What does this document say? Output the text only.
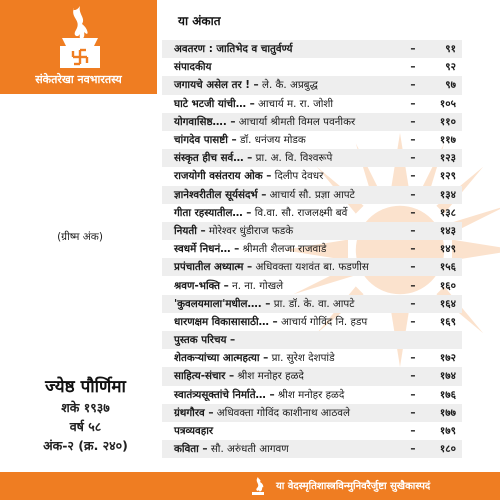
संकेतरेखा नवभारतस्य
(ग्रीष्म अंक)
ज्येष्ठ पौर्णिमा
शके १९३७
वर्ष ५८
अंक-२ (क्र. २४०)
या अंकात
अवतरण : जातिभेद व चातुर्वर्ण्य	–	९१
संपादकीय	–	९२
जगायचे असेल तर ! – ले. कै. अप्रबुद्ध	–	९७
घाटे भटजी यांची… – आचार्य म. रा. जोशी	–	१०५
योगवासिष्ठ…. – आचार्या श्रीमती विमल पवनीकर	–	११०
चांगदेव पासष्टी – डॉ. धनंजय मोडक	–	११७
संस्कृत हीच सर्व… – प्रा. अ. वि. विश्वरूपे	–	१२३
राजयोगी वसंतराय ओक – दिलीप देवधर	–	१२९
ज्ञानेश्वरीतील सूर्यसंदर्भ – आचार्य सौ. प्रज्ञा आपटे	–	१३४
गीता रहस्यातील… – वि.वा. सौ. राजलक्ष्मी बर्वे	–	१३८
नियती – मोरेश्वर धुंडीराज फडके	–	१४३
स्वधर्मे निधनं… – श्रीमती शैलजा राजवाडे	–	१४९
प्रपंचातील अध्यात्म – अधिवक्ता यशवंत बा. फडणीस	–	१५६
श्रवण-भक्ति – न. ना. गोखले	–	१६०
'कुवलयमाला'मधील…. – प्रा. डॉ. के. वा. आपटे	–	१६४
धारणक्षम विकासासाठी… – आचार्य गोविंद नि. हडप	–	१६९
पुस्तक परिचय –
शेतकऱ्यांच्या आत्महत्या – प्रा. सुरेश देशपांडे	–	१७२
साहित्य-संचार – श्रीश मनोहर हळदे	–	१७४
स्वातंत्र्यसूक्तांचे निर्माते… – श्रीश मनोहर हळदे	–	१७६
ग्रंथगौरव – अधिवक्ता गोविंद काशीनाथ आठवले	–	१७७
पत्रव्यवहार	–	१७९
कविता – सौ. अरुंधती आगवण	–	१८०
या वेदस्मृतिशास्त्रविन्मुनिवरैर्जुष्टा सुखैकास्पदं
